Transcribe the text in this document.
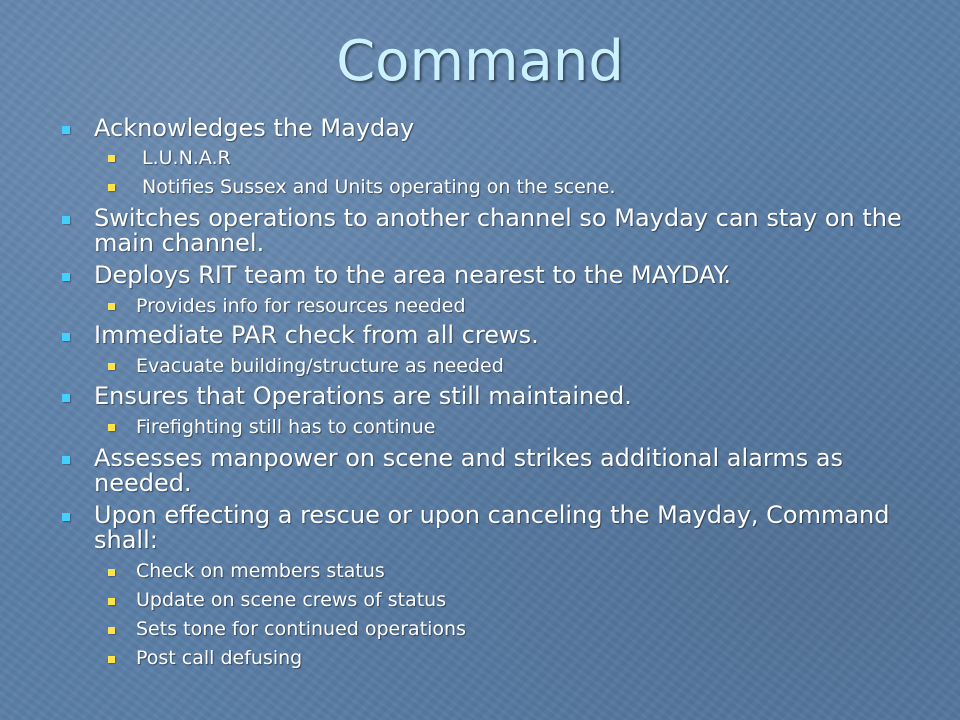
Command
Acknowledges the Mayday
L.U.N.A.R
Notifies Sussex and Units operating on the scene.
Switches operations to another channel so Mayday can stay on the main channel.
Deploys RIT team to the area nearest to the MAYDAY.
Provides info for resources needed
Immediate PAR check from all crews.
Evacuate building/structure as needed
Ensures that Operations are still maintained.
Firefighting still has to continue
Assesses manpower on scene and strikes additional alarms as needed.
Upon effecting a rescue or upon canceling the Mayday, Command shall:
Check on members status
Update on scene crews of status
Sets tone for continued operations
Post call defusing
